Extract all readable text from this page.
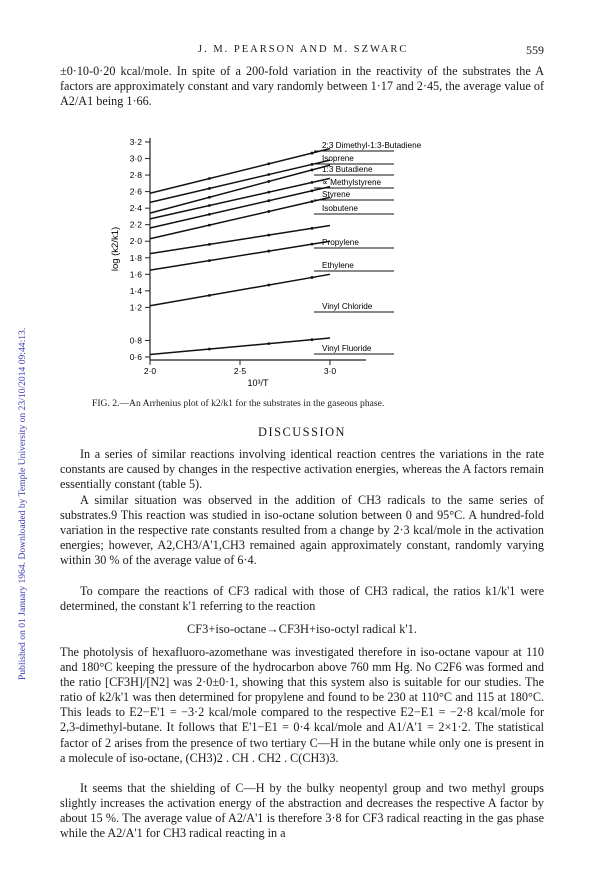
Published on 01 January 1964. Downloaded by Temple University on 23/10/2014 09:44:13.
J. M. PEARSON AND M. SZWARC	559
±0·10-0·20 kcal/mole. In spite of a 200-fold variation in the reactivity of the substrates the A factors are approximately constant and vary randomly between 1·17 and 2·45, the average value of A2/A1 being 1·66.
3·2
3·0
2·8
2·6
2·4
2·2
2·0
1·8
1·6
1·4
1·2
0·8
0·6
2·0	2·5	3·0
2:3 Dimethyl-1:3-Butadiene
Isoprene
1:3 Butadiene
∝ Methylstyrene
Styrene
Isobutene
Propylene
Ethylene
Vinyl Chloride
Vinyl Fluoride
10³/T
log (k2/k1)
FIG. 2.—An Arrhenius plot of k2/k1 for the substrates in the gaseous phase.
DISCUSSION
In a series of similar reactions involving identical reaction centres the variations in the rate constants are caused by changes in the respective activation energies, whereas the A factors remain essentially constant (table 5).
A similar situation was observed in the addition of CH3 radicals to the same series of substrates.9 This reaction was studied in iso-octane solution between 0 and 95°C. A hundred-fold variation in the respective rate constants resulted from a change by 2·3 kcal/mole in the activation energies; however, A2,CH3/A'1,CH3 remained again approximately constant, randomly varying within 30 % of the average value of 6·4.
To compare the reactions of CF3 radical with those of CH3 radical, the ratios k1/k'1 were determined, the constant k'1 referring to the reaction
CF3+iso-octane→CF3H+iso-octyl radical k'1.
The photolysis of hexafluoro-azomethane was investigated therefore in iso-octane vapour at 110 and 180°C keeping the pressure of the hydrocarbon above 760 mm Hg. No C2F6 was formed and the ratio [CF3H]/[N2] was 2·0±0·1, showing that this system also is suitable for our studies. The ratio of k2/k'1 was then determined for propylene and found to be 230 at 110°C and 115 at 180°C. This leads to E2−E'1 = −3·2 kcal/mole compared to the respective E2−E1 = −2·8 kcal/mole for 2,3-dimethyl-butane. It follows that E'1−E1 = 0·4 kcal/mole and A1/A'1 = 2×1·2. The statistical factor of 2 arises from the presence of two tertiary C—H in the butane while only one is present in a molecule of iso-octane, (CH3)2 . CH . CH2 . C(CH3)3.
It seems that the shielding of C—H by the bulky neopentyl group and two methyl groups slightly increases the activation energy of the abstraction and decreases the respective A factor by about 15 %. The average value of A2/A'1 is therefore 3·8 for CF3 radical reacting in the gas phase while the A2/A'1 for CH3 radical reacting in a
